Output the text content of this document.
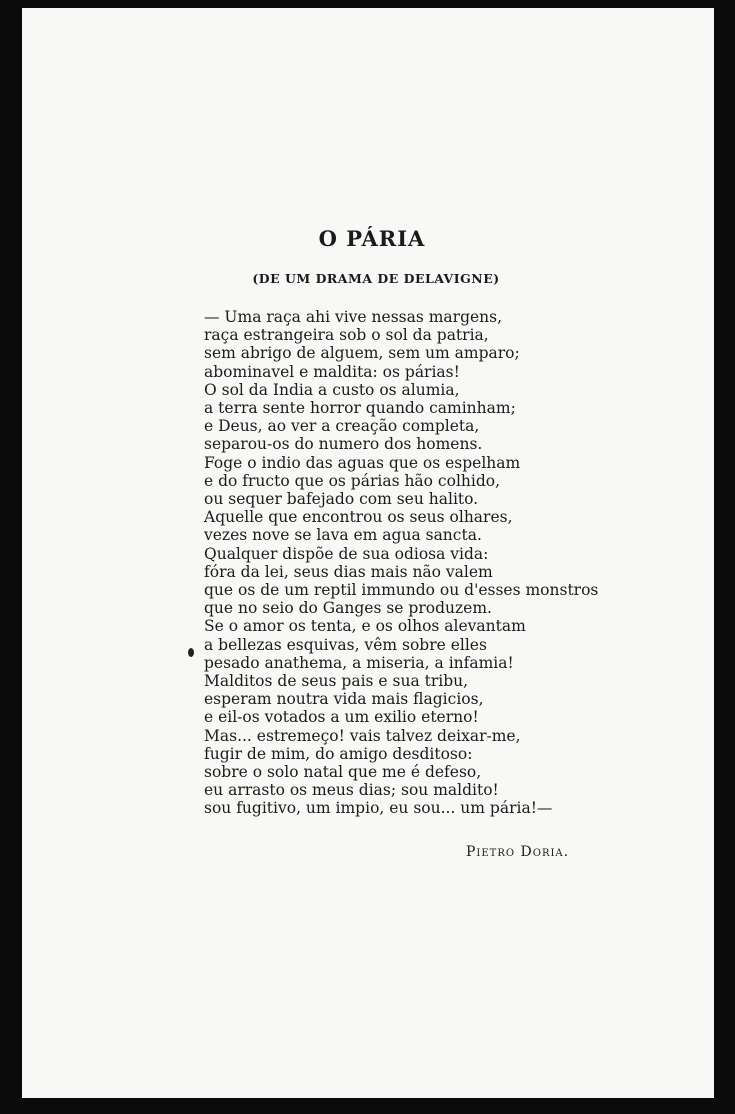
O PÁRIA
(DE UM DRAMA DE DELAVIGNE)
— Uma raça ahi vive nessas margens,
raça estrangeira sob o sol da patria,
sem abrigo de alguem, sem um amparo;
abominavel e maldita: os párias!
O sol da India a custo os alumia,
a terra sente horror quando caminham;
e Deus, ao ver a creação completa,
separou-os do numero dos homens.
Foge o indio das aguas que os espelham
e do fructo que os párias hão colhido,
ou sequer bafejado com seu halito.
Aquelle que encontrou os seus olhares,
vezes nove se lava em agua sancta.
Qualquer dispõe de sua odiosa vida:
fóra da lei, seus dias mais não valem
que os de um reptil immundo ou d'esses monstros
que no seio do Ganges se produzem.
Se o amor os tenta, e os olhos alevantam
a bellezas esquivas, vêm sobre elles
pesado anathema, a miseria, a infamia!
Malditos de seus pais e sua tribu,
esperam noutra vida mais flagicios,
e eil-os votados a um exilio eterno!
Mas... estremeço! vais talvez deixar-me,
fugir de mim, do amigo desditoso:
sobre o solo natal que me é defeso,
eu arrasto os meus dias; sou maldito!
sou fugitivo, um impio, eu sou... um pária!—
Pietro Doria.
